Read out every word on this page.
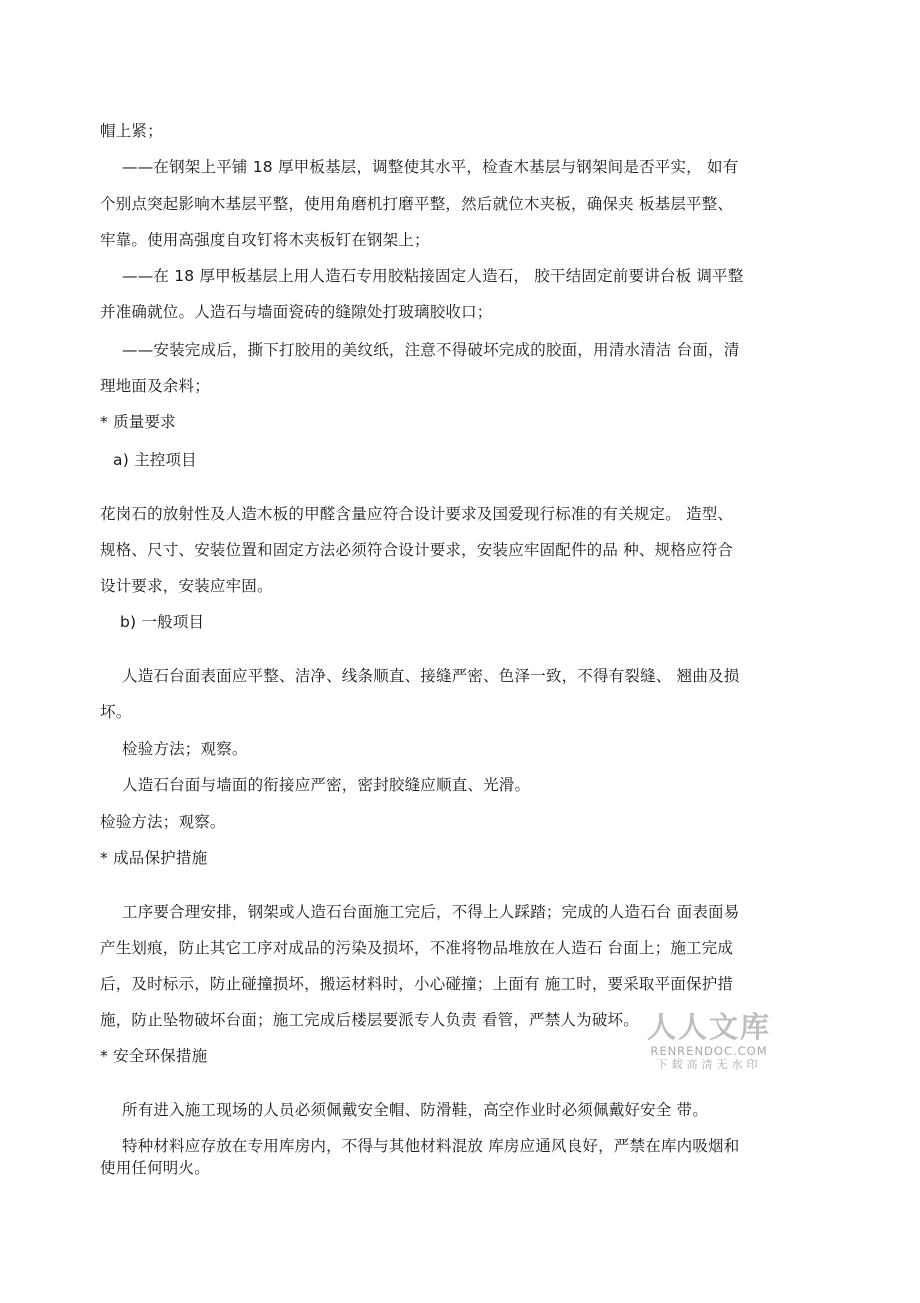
帽上紧；
——在钢架上平铺 18 厚甲板基层，调整使其水平，检查木基层与钢架间是否平实， 如有
个别点突起影响木基层平整，使用角磨机打磨平整，然后就位木夹板，确保夹 板基层平整、
牢靠。使用高强度自攻钉将木夹板钉在钢架上；
——在 18 厚甲板基层上用人造石专用胶粘接固定人造石， 胶干结固定前要讲台板 调平整
并准确就位。人造石与墙面瓷砖的缝隙处打玻璃胶收口；
——安装完成后，撕下打胶用的美纹纸，注意不得破坏完成的胶面，用清水清洁 台面，清
理地面及余料；
* 质量要求
a) 主控项目
花岗石的放射性及人造木板的甲醛含量应符合设计要求及国爱现行标准的有关规定。 造型、
规格、尺寸、安装位置和固定方法必须符合设计要求，安装应牢固配件的品 种、规格应符合
设计要求，安装应牢固。
b) 一般项目
人造石台面表面应平整、洁净、线条顺直、接缝严密、色泽一致，不得有裂缝、 翘曲及损
坏。
检验方法；观察。
人造石台面与墙面的衔接应严密，密封胶缝应顺直、光滑。
检验方法；观察。
* 成品保护措施
工序要合理安排，钢架或人造石台面施工完后，不得上人踩踏；完成的人造石台 面表面易
产生划痕，防止其它工序对成品的污染及损坏，不准将物品堆放在人造石 台面上；施工完成
后，及时标示，防止碰撞损坏，搬运材料时，小心碰撞；上面有 施工时，要采取平面保护措
施，防止坠物破坏台面；施工完成后楼层要派专人负责 看管，严禁人为破坏。
* 安全环保措施
所有进入施工现场的人员必须佩戴安全帽、防滑鞋，高空作业时必须佩戴好安全 带。
特种材料应存放在专用库房内，不得与其他材料混放 库房应通风良好，严禁在库内吸烟和
使用任何明火。
人人文库
RENRENDOC.COM
下载高清无水印
